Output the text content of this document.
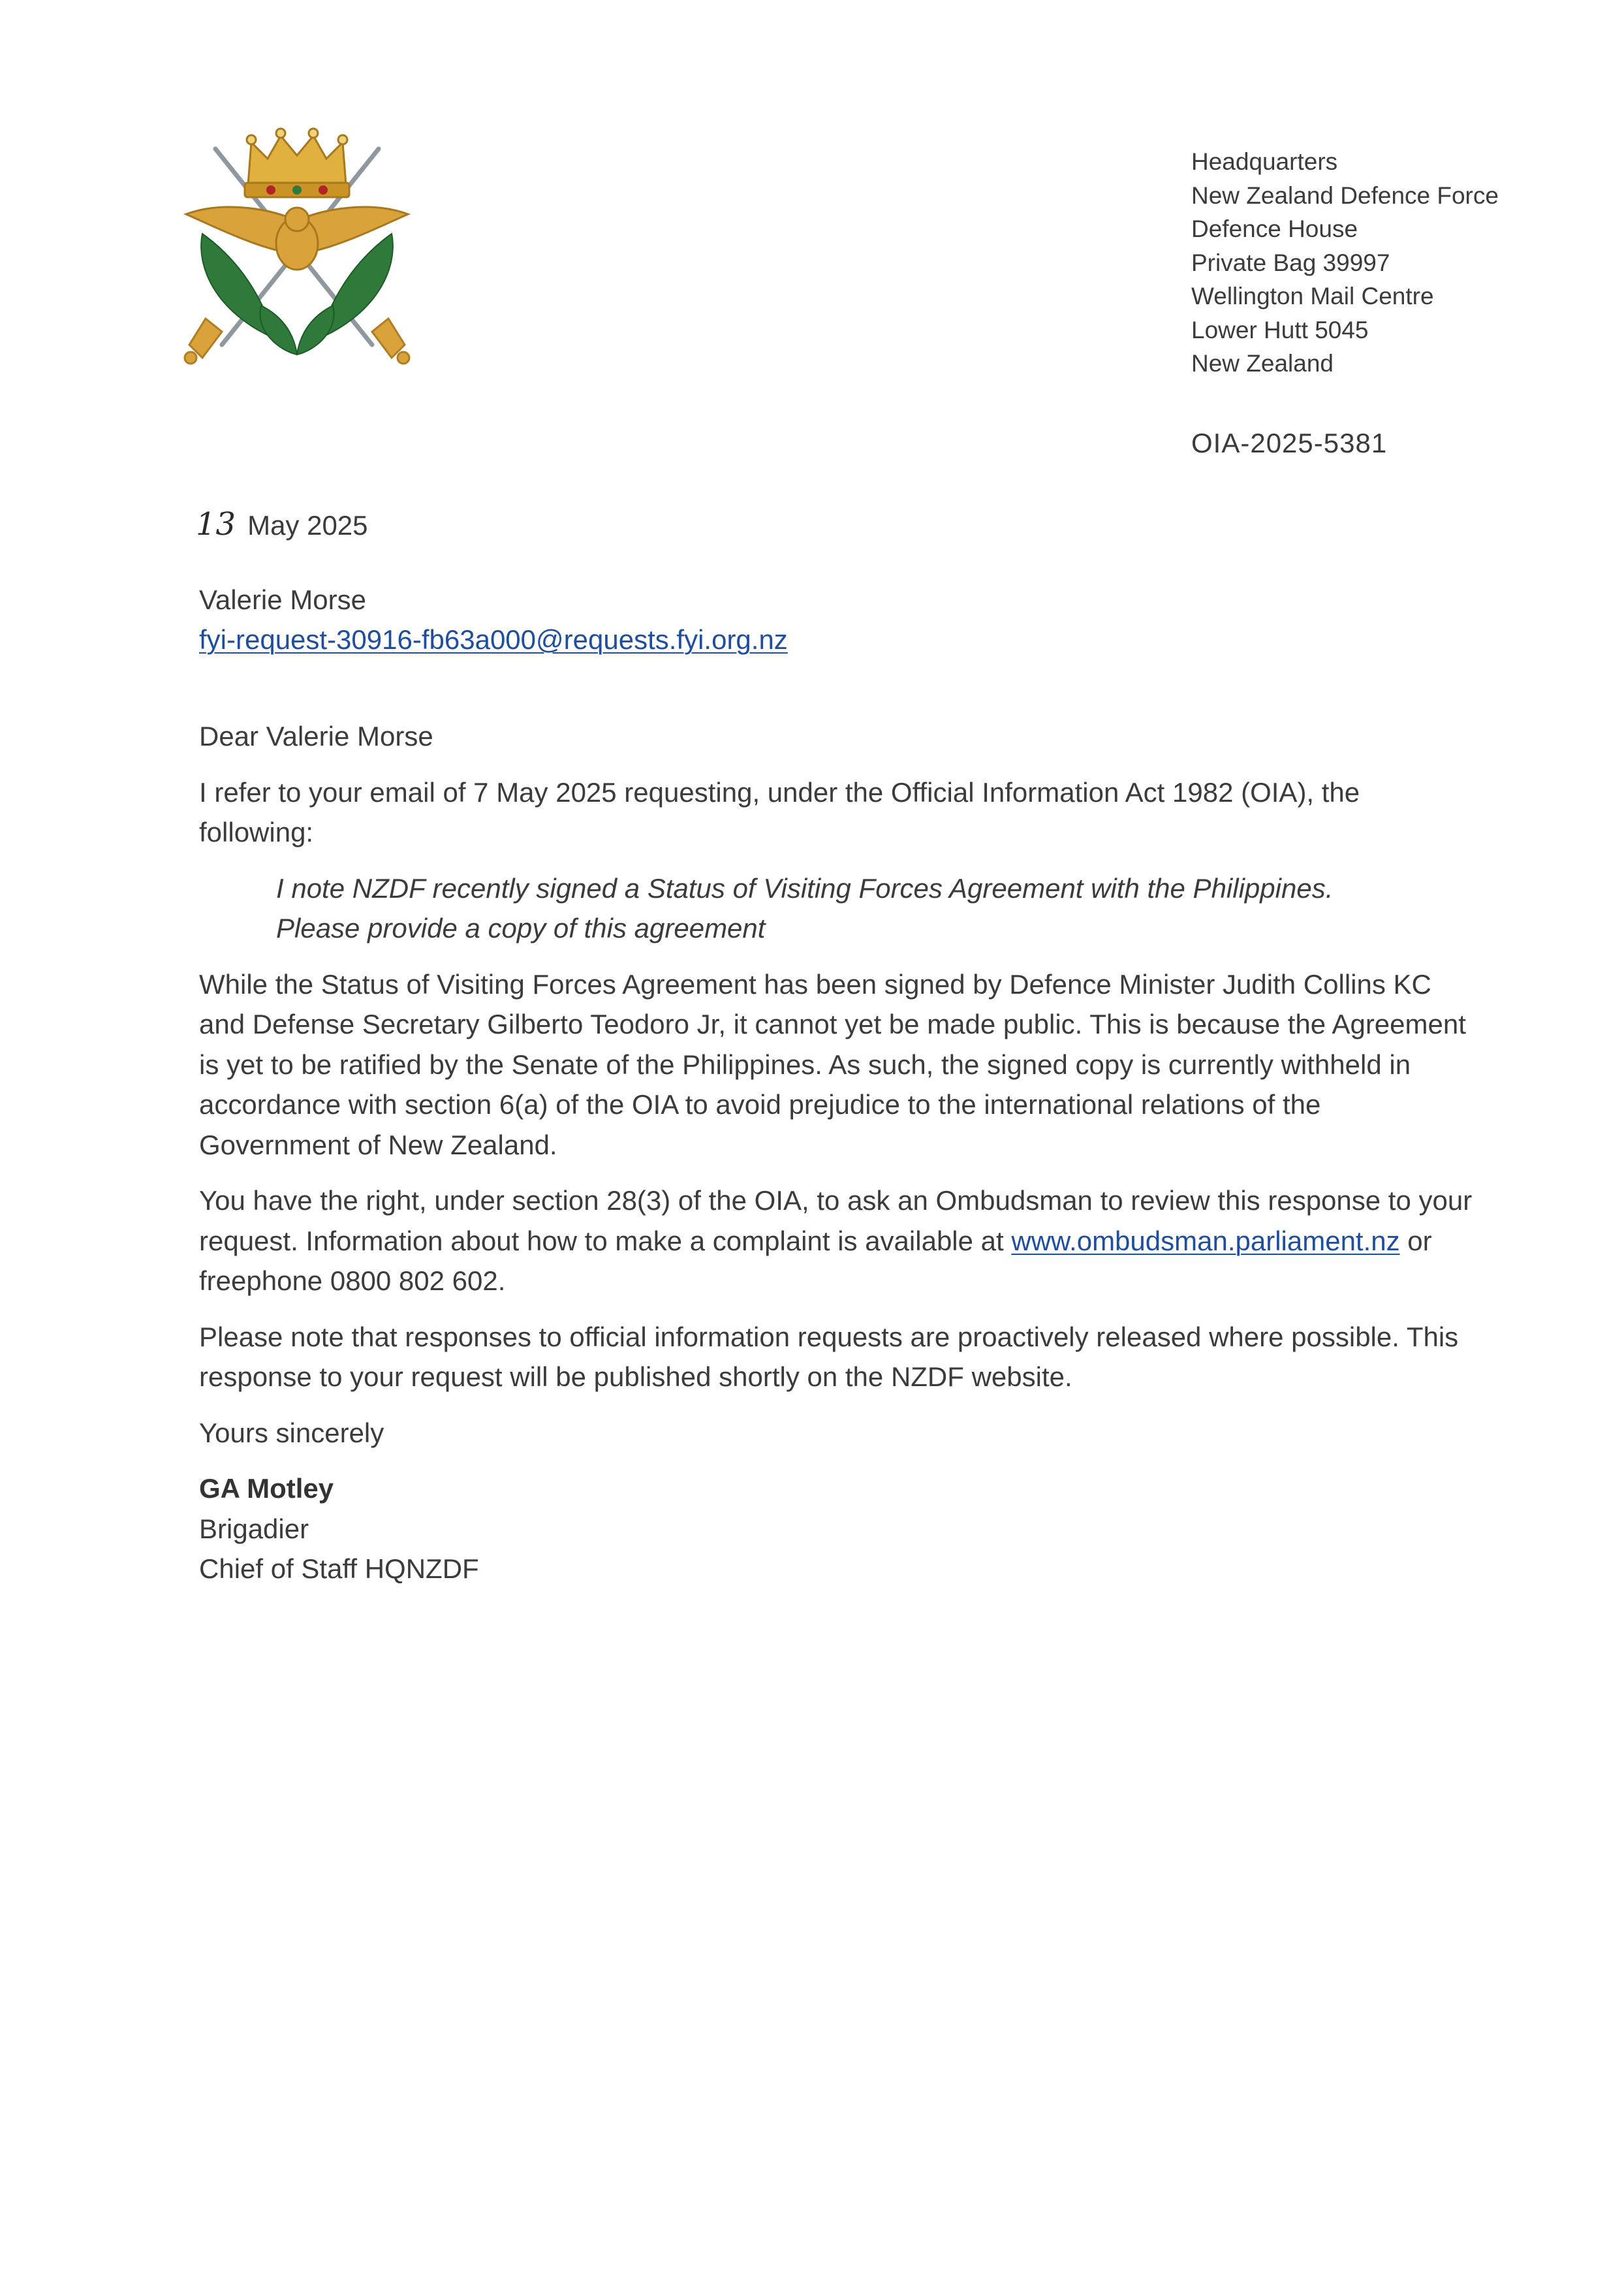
Headquarters
New Zealand Defence Force
Defence House
Private Bag 39997
Wellington Mail Centre
Lower Hutt 5045
New Zealand
OIA-2025-5381
13 May 2025
Valerie Morse
fyi-request-30916-fb63a000@requests.fyi.org.nz

Dear Valerie Morse

I refer to your email of 7 May 2025 requesting, under the Official Information Act 1982 (OIA), the following:

I note NZDF recently signed a Status of Visiting Forces Agreement with the Philippines.

Please provide a copy of this agreement

While the Status of Visiting Forces Agreement has been signed by Defence Minister Judith Collins KC and Defense Secretary Gilberto Teodoro Jr, it cannot yet be made public. This is because the Agreement is yet to be ratified by the Senate of the Philippines. As such, the signed copy is currently withheld in accordance with section 6(a) of the OIA to avoid prejudice to the international relations of the Government of New Zealand.

You have the right, under section 28(3) of the OIA, to ask an Ombudsman to review this response to your request. Information about how to make a complaint is available at www.ombudsman.parliament.nz or freephone 0800 802 602.

Please note that responses to official information requests are proactively released where possible. This response to your request will be published shortly on the NZDF website.

Yours sincerely

GA Motley
Brigadier
Chief of Staff HQNZDF
